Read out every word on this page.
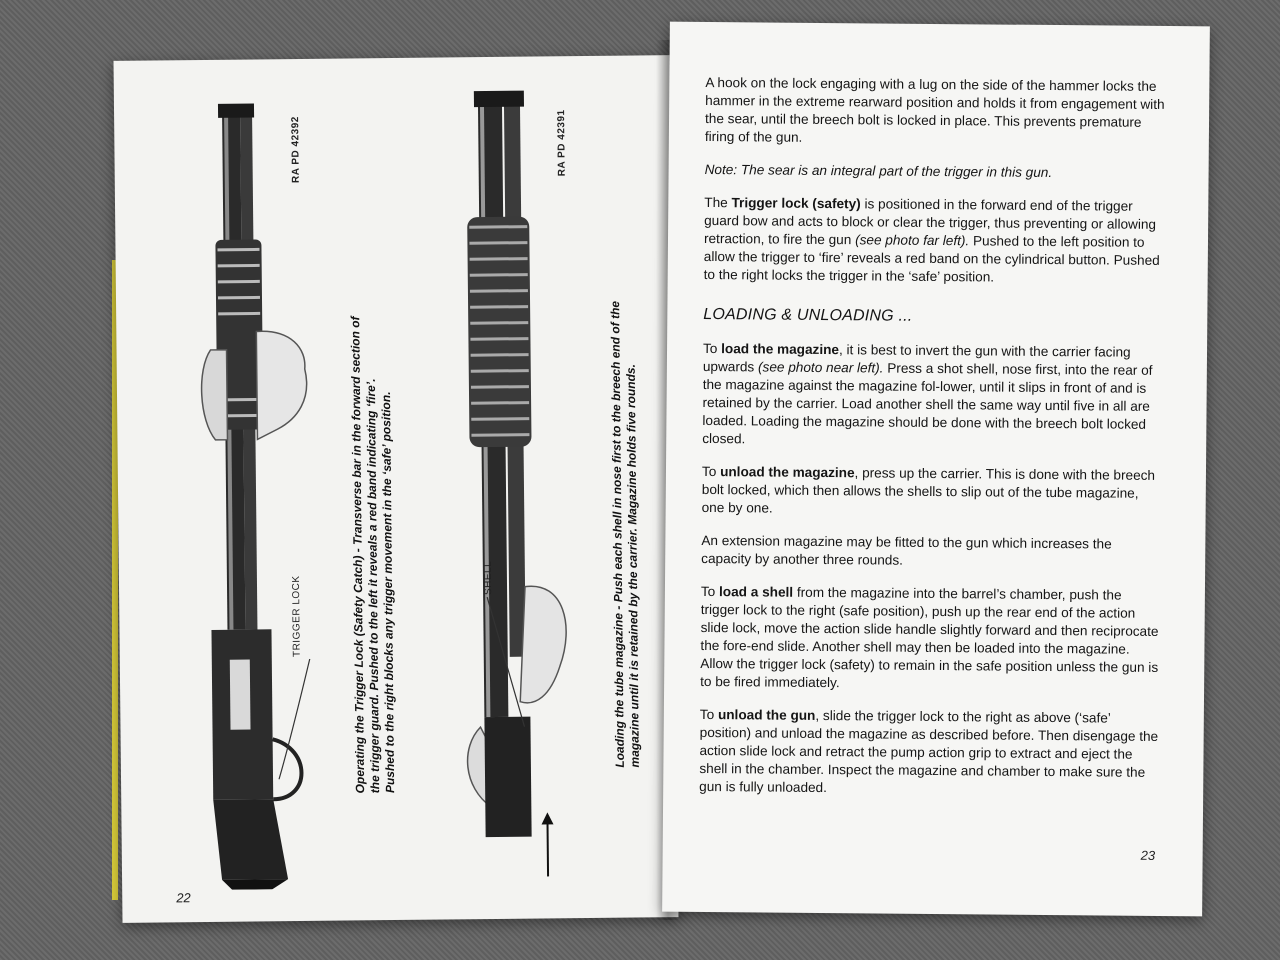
TRIGGER LOCK
RA PD 42392
Operating the Trigger Lock (Safety Catch) - Transverse bar in the forward section of
the trigger guard. Pushed to the left it reveals a red band indicating ‘fire’.
Pushed to the right blocks any trigger movement in the ‘safe’ position.	SHELL
RA PD 42391
Loading the tube magazine - Push each shell in nose first to the breech end of the
magazine until it is retained by the carrier. Magazine holds five rounds.
22

A hook on the lock engaging with a lug on the side of the hammer locks the hammer in the extreme rearward position and holds it from engagement with the sear, until the breech bolt is locked in place. This prevents premature firing of the gun.

Note: The sear is an integral part of the trigger in this gun.

The Trigger lock (safety) is positioned in the forward end of the trigger guard bow and acts to block or clear the trigger, thus preventing or allowing retraction, to fire the gun (see photo far left). Pushed to the left position to allow the trigger to ‘fire’ reveals a red band on the cylindrical button. Pushed to the right locks the trigger in the ‘safe’ position.

LOADING & UNLOADING ...

To load the magazine, it is best to invert the gun with the carrier facing upwards (see photo near left). Press a shot shell, nose first, into the rear of the magazine against the magazine fol-lower, until it slips in front of and is retained by the carrier. Load another shell the same way until five in all are loaded. Loading the magazine should be done with the breech bolt locked closed.

To unload the magazine, press up the carrier. This is done with the breech bolt locked, which then allows the shells to slip out of the tube magazine, one by one.

An extension magazine may be fitted to the gun which increases the capacity by another three rounds.

To load a shell from the magazine into the barrel’s chamber, push the trigger lock to the right (safe position), push up the rear end of the action slide lock, move the action slide handle slightly forward and then reciprocate the fore-end slide. Another shell may then be loaded into the magazine. Allow the trigger lock (safety) to remain in the safe position unless the gun is to be fired immediately.

To unload the gun, slide the trigger lock to the right as above (‘safe’ position) and unload the magazine as described before. Then disengage the action slide lock and retract the pump action grip to extract and eject the shell in the chamber. Inspect the magazine and chamber to make sure the gun is fully unloaded.

23
